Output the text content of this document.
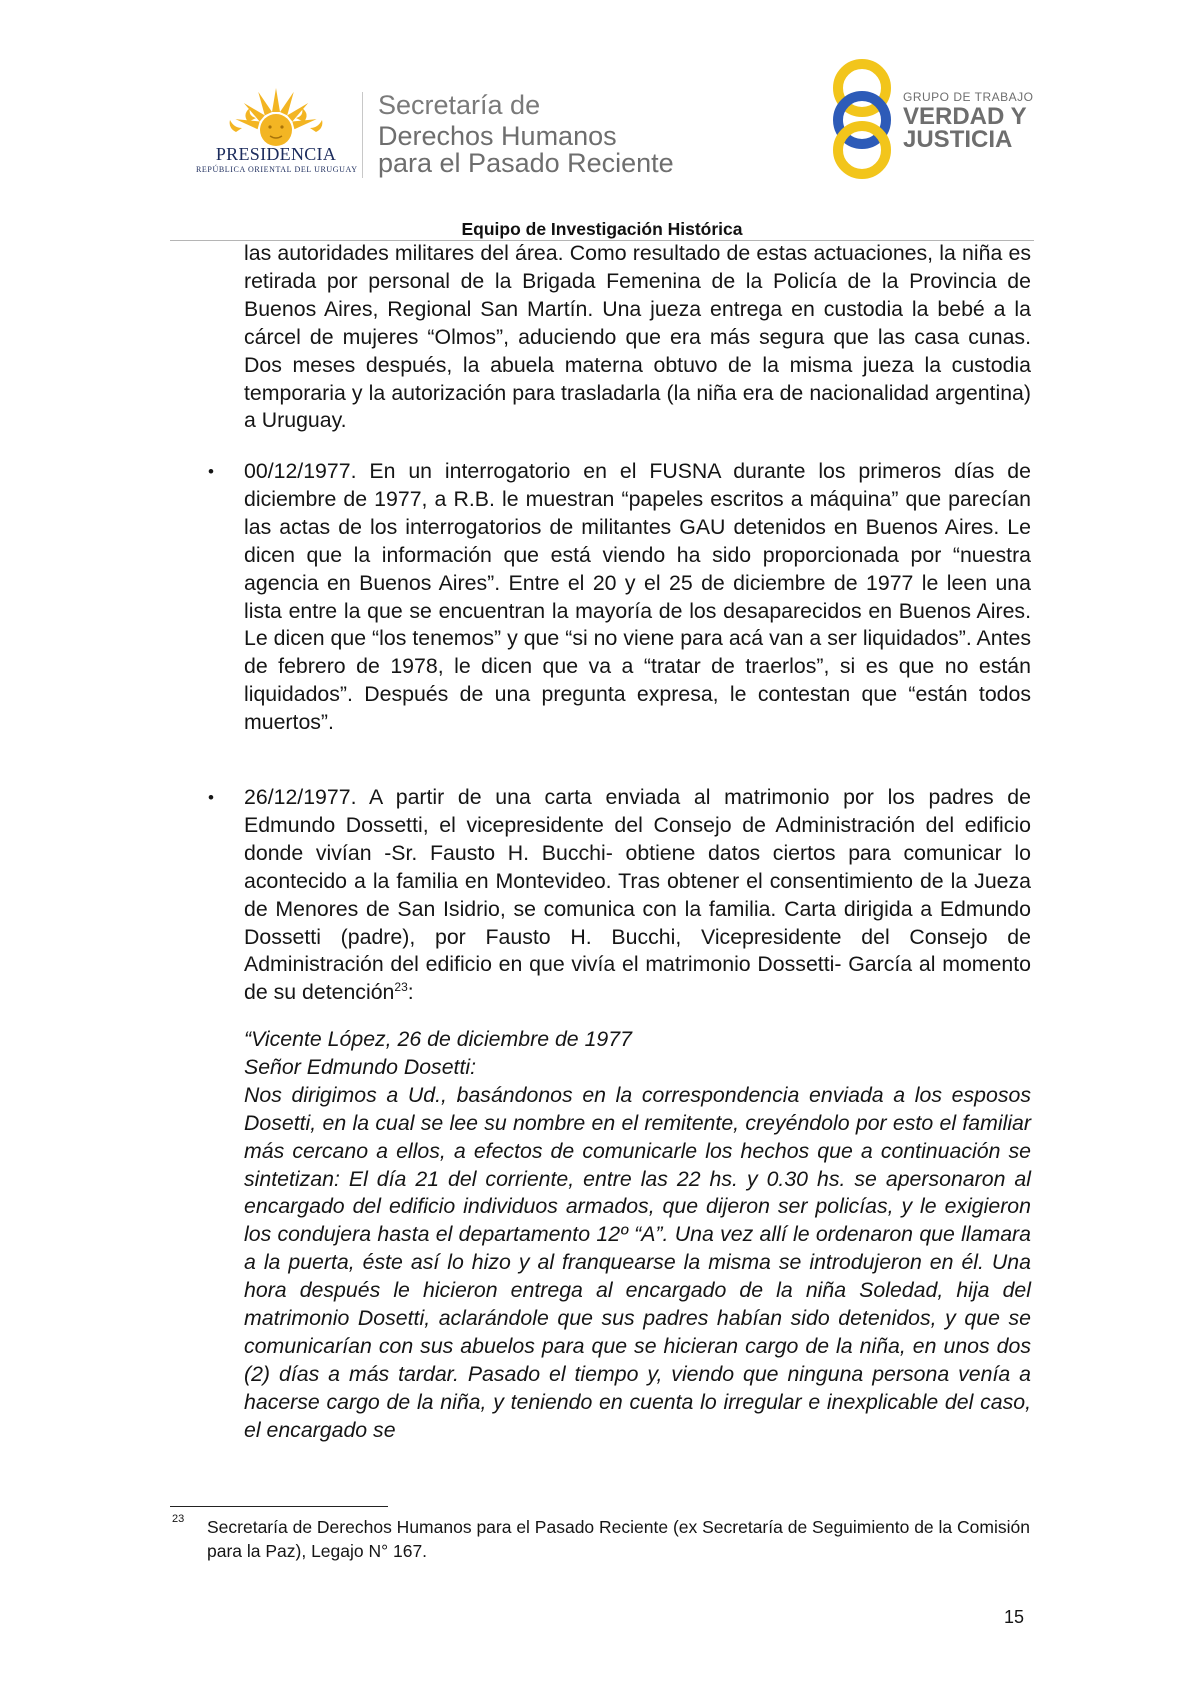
PRESIDENCIA
REPÚBLICA ORIENTAL DEL URUGUAY
Secretaría de
Derechos Humanos
para el Pasado Reciente
GRUPO DE TRABAJO
VERDAD Y
JUSTICIA
Equipo de Investigación Histórica
las autoridades militares del área. Como resultado de estas actuaciones, la niña es retirada por personal de la Brigada Femenina de la Policía de la Provincia de Buenos Aires, Regional San Martín. Una jueza entrega en custodia la bebé a la cárcel de mujeres “Olmos”, aduciendo que era más segura que las casa cunas. Dos meses después, la abuela materna obtuvo de la misma jueza la custodia temporaria y la autorización para trasladarla (la niña era de nacionalidad argentina) a Uruguay.
• 00/12/1977. En un interrogatorio en el FUSNA durante los primeros días de diciembre de 1977, a R.B. le muestran “papeles escritos a máquina” que parecían las actas de los interrogatorios de militantes GAU detenidos en Buenos Aires. Le dicen que la información que está viendo ha sido proporcionada por “nuestra agencia en Buenos Aires”. Entre el 20 y el 25 de diciembre de 1977 le leen una lista entre la que se encuentran la mayoría de los desaparecidos en Buenos Aires. Le dicen que “los tenemos” y que “si no viene para acá van a ser liquidados”. Antes de febrero de 1978, le dicen que va a “tratar de traerlos”, si es que no están liquidados”. Después de una pregunta expresa, le contestan que “están todos muertos”.
• 26/12/1977. A partir de una carta enviada al matrimonio por los padres de Edmundo Dossetti, el vicepresidente del Consejo de Administración del edificio donde vivían -Sr. Fausto H. Bucchi- obtiene datos ciertos para comunicar lo acontecido a la familia en Montevideo. Tras obtener el consentimiento de la Jueza de Menores de San Isidrio, se comunica con la familia. Carta dirigida a Edmundo Dossetti (padre), por Fausto H. Bucchi, Vicepresidente del Consejo de Administración del edificio en que vivía el matrimonio Dossetti- García al momento de su detención$^{23}$:
“Vicente López, 26 de diciembre de 1977
Señor Edmundo Dosetti:
Nos dirigimos a Ud., basándonos en la correspondencia enviada a los esposos Dosetti, en la cual se lee su nombre en el remitente, creyéndolo por esto el familiar más cercano a ellos, a efectos de comunicarle los hechos que a continuación se sintetizan: El día 21 del corriente, entre las 22 hs. y 0.30 hs. se apersonaron al encargado del edificio individuos armados, que dijeron ser policías, y le exigieron los condujera hasta el departamento 12º “A”. Una vez allí le ordenaron que llamara a la puerta, éste así lo hizo y al franquearse la misma se introdujeron en él. Una hora después le hicieron entrega al encargado de la niña Soledad, hija del matrimonio Dosetti, aclarándole que sus padres habían sido detenidos, y que se comunicarían con sus abuelos para que se hicieran cargo de la niña, en unos dos (2) días a más tardar. Pasado el tiempo y, viendo que ninguna persona venía a hacerse cargo de la niña, y teniendo en cuenta lo irregular e inexplicable del caso, el encargado se
23 Secretaría de Derechos Humanos para el Pasado Reciente (ex Secretaría de Seguimiento de la Comisión para la Paz), Legajo N° 167.
15
